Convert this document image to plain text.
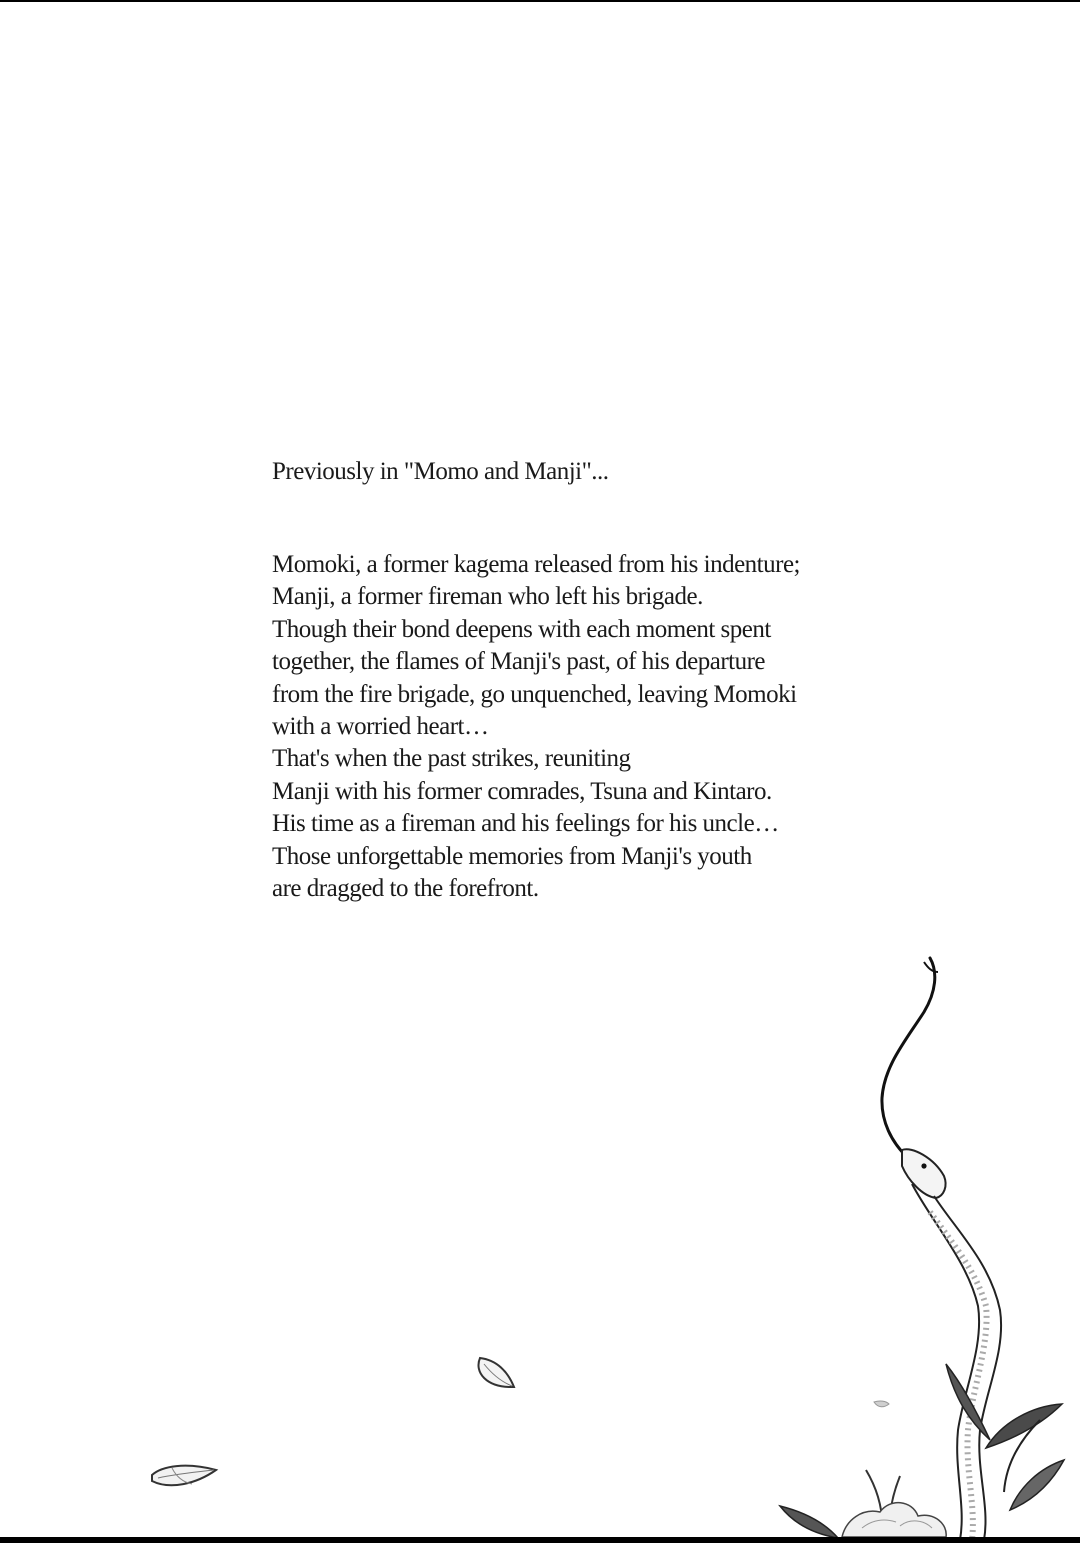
Previously in "Momo and Manji"...
Momoki, a former kagema released from his indenture;
Manji, a former fireman who left his brigade.
Though their bond deepens with each moment spent
together, the flames of Manji's past, of his departure
from the fire brigade, go unquenched, leaving Momoki
with a worried heart…
That's when the past strikes, reuniting
Manji with his former comrades, Tsuna and Kintaro.
His time as a fireman and his feelings for his uncle…
Those unforgettable memories from Manji's youth
are dragged to the forefront.
